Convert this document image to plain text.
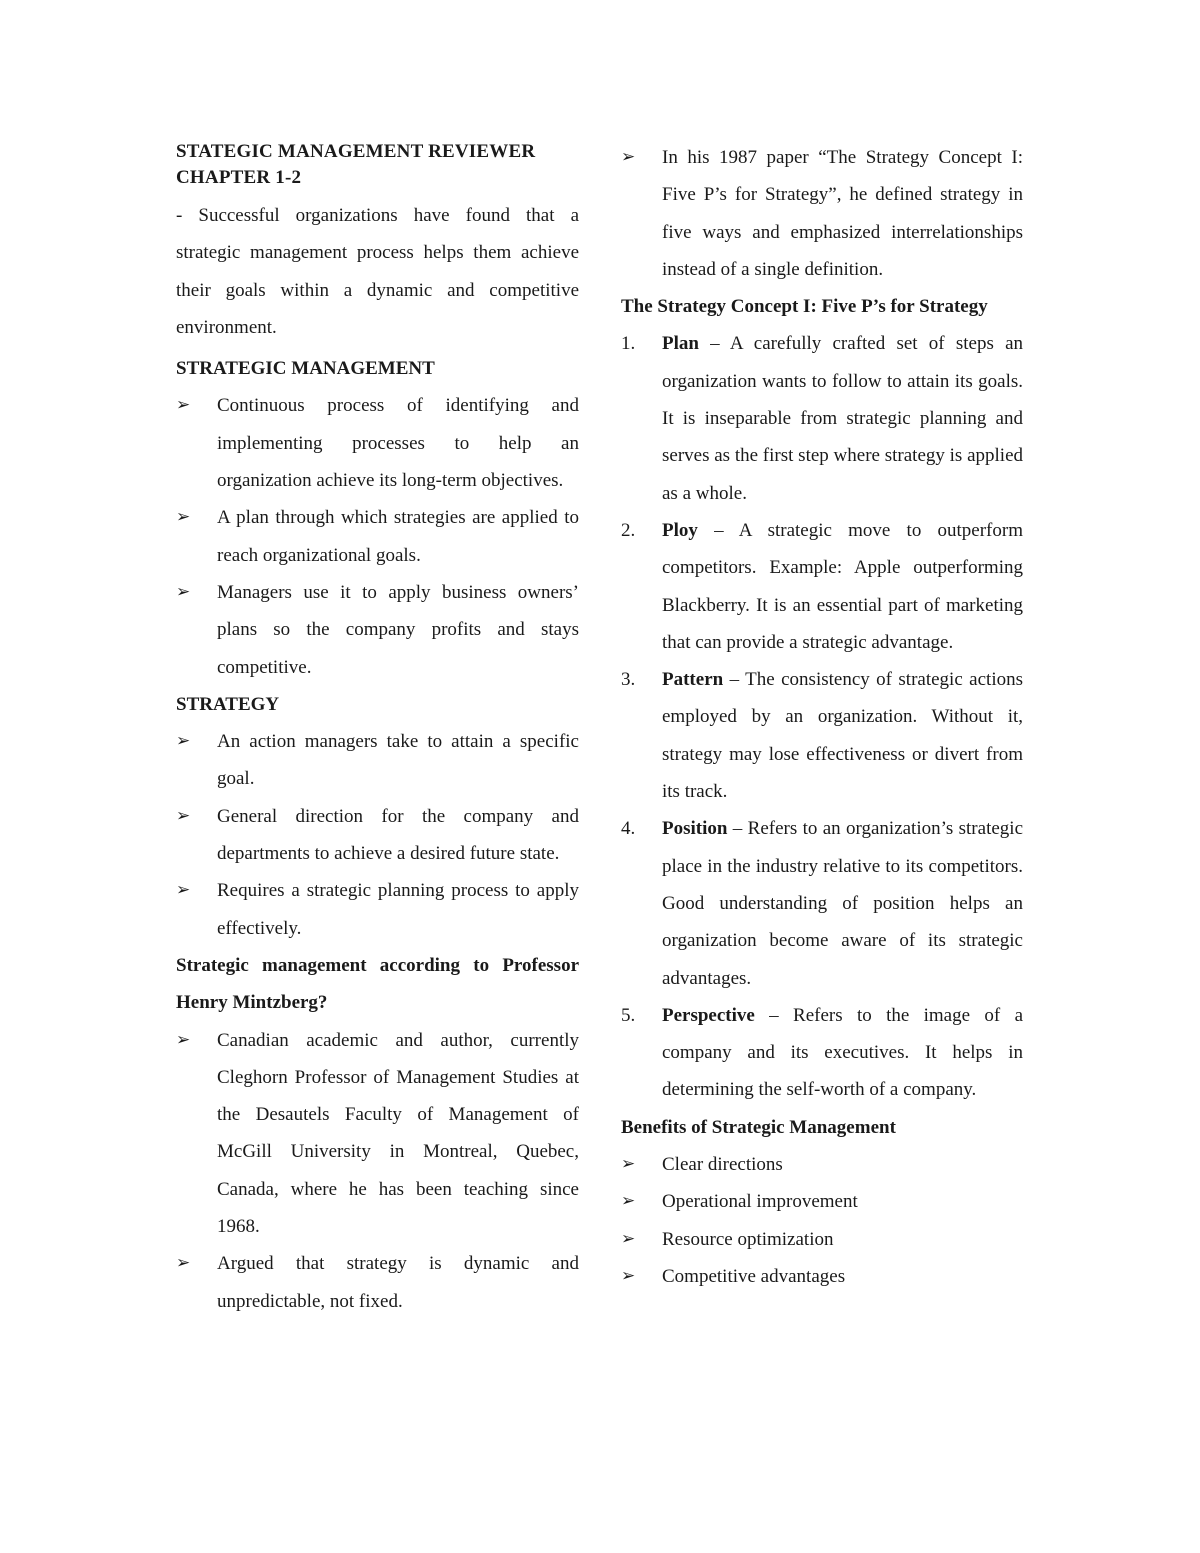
STATEGIC MANAGEMENT REVIEWER
CHAPTER 1-2

- Successful organizations have found that a strategic management process helps them achieve their goals within a dynamic and competitive environment.

STRATEGIC MANAGEMENT
➢ Continuous process of identifying and implementing processes to help an organization achieve its long-term objectives.

➢ A plan through which strategies are applied to reach organizational goals.

➢ Managers use it to apply business owners’ plans so the company profits and stays competitive.

STRATEGY
➢ An action managers take to attain a specific goal.

➢ General direction for the company and departments to achieve a desired future state.

➢ Requires a strategic planning process to apply effectively.

Strategic management according to Professor Henry Mintzberg?

➢ Canadian academic and author, currently Cleghorn Professor of Management Studies at the Desautels Faculty of Management of McGill University in Montreal, Quebec, Canada, where he has been teaching since 1968.

➢ Argued that strategy is dynamic and unpredictable, not fixed.

➢ In his 1987 paper “The Strategy Concept I: Five P’s for Strategy”, he defined strategy in five ways and emphasized interrelationships instead of a single definition.

The Strategy Concept I: Five P’s for Strategy

1. Plan – A carefully crafted set of steps an organization wants to follow to attain its goals. It is inseparable from strategic planning and serves as the first step where strategy is applied as a whole.

2. Ploy – A strategic move to outperform competitors. Example: Apple outperforming Blackberry. It is an essential part of marketing that can provide a strategic advantage.

3. Pattern – The consistency of strategic actions employed by an organization. Without it, strategy may lose effectiveness or divert from its track.

4. Position – Refers to an organization’s strategic place in the industry relative to its competitors. Good understanding of position helps an organization become aware of its strategic advantages.

5. Perspective – Refers to the image of a company and its executives. It helps in determining the self-worth of a company.

Benefits of Strategic Management
➢ Clear directions

➢ Operational improvement

➢ Resource optimization

➢ Competitive advantages
